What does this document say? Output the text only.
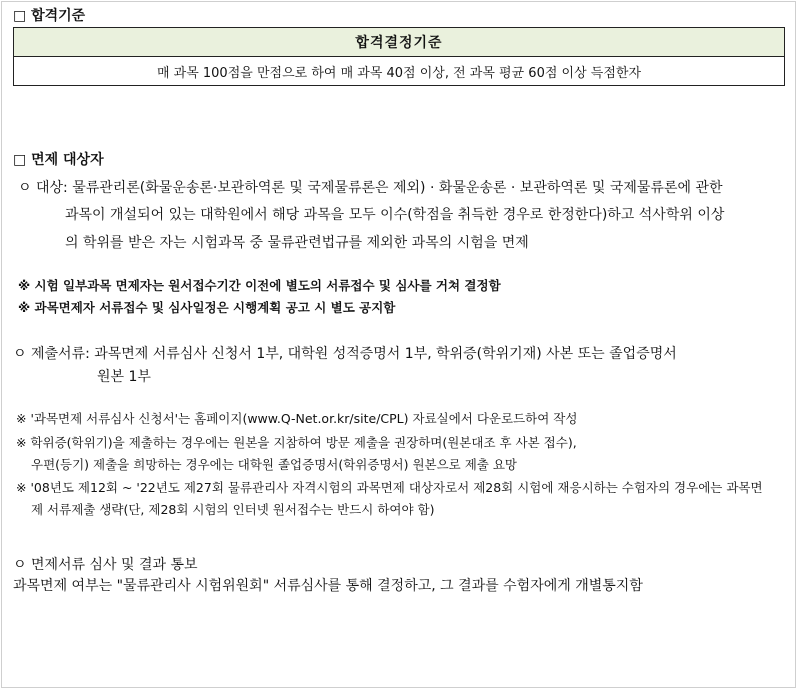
□ 합격기준
합격결정기준
매 과목 100점을 만점으로 하여 매 과목 40점 이상, 전 과목 평균 60점 이상 득점한자
□ 면제 대상자
ㅇ 대상: 물류관리론(화물운송론·보관하역론 및 국제물류론은 제외) · 화물운송론 · 보관하역론 및 국제물류론에 관한
과목이 개설되어 있는 대학원에서 해당 과목을 모두 이수(학점을 취득한 경우로 한정한다)하고 석사학위 이상
의 학위를 받은 자는 시험과목 중 물류관련법규를 제외한 과목의 시험을 면제
※ 시험 일부과목 면제자는 원서접수기간 이전에 별도의 서류접수 및 심사를 거쳐 결정함
※ 과목면제자 서류접수 및 심사일정은 시행계획 공고 시 별도 공지함
ㅇ 제출서류: 과목면제 서류심사 신청서 1부, 대학원 성적증명서 1부, 학위증(학위기재) 사본 또는 졸업증명서
원본 1부
※ '과목면제 서류심사 신청서'는 홈페이지(www.Q-Net.or.kr/site/CPL) 자료실에서 다운로드하여 작성
※ 학위증(학위기)을 제출하는 경우에는 원본을 지참하여 방문 제출을 권장하며(원본대조 후 사본 접수),
우편(등기) 제출을 희망하는 경우에는 대학원 졸업증명서(학위증명서) 원본으로 제출 요망
※ '08년도 제12회 ~ '22년도 제27회 물류관리사 자격시험의 과목면제 대상자로서 제28회 시험에 재응시하는 수험자의 경우에는 과목면
제 서류제출 생략(단, 제28회 시험의 인터넷 원서접수는 반드시 하여야 함)
ㅇ 면제서류 심사 및 결과 통보
과목면제 여부는 "물류관리사 시험위원회" 서류심사를 통해 결정하고, 그 결과를 수험자에게 개별통지함
